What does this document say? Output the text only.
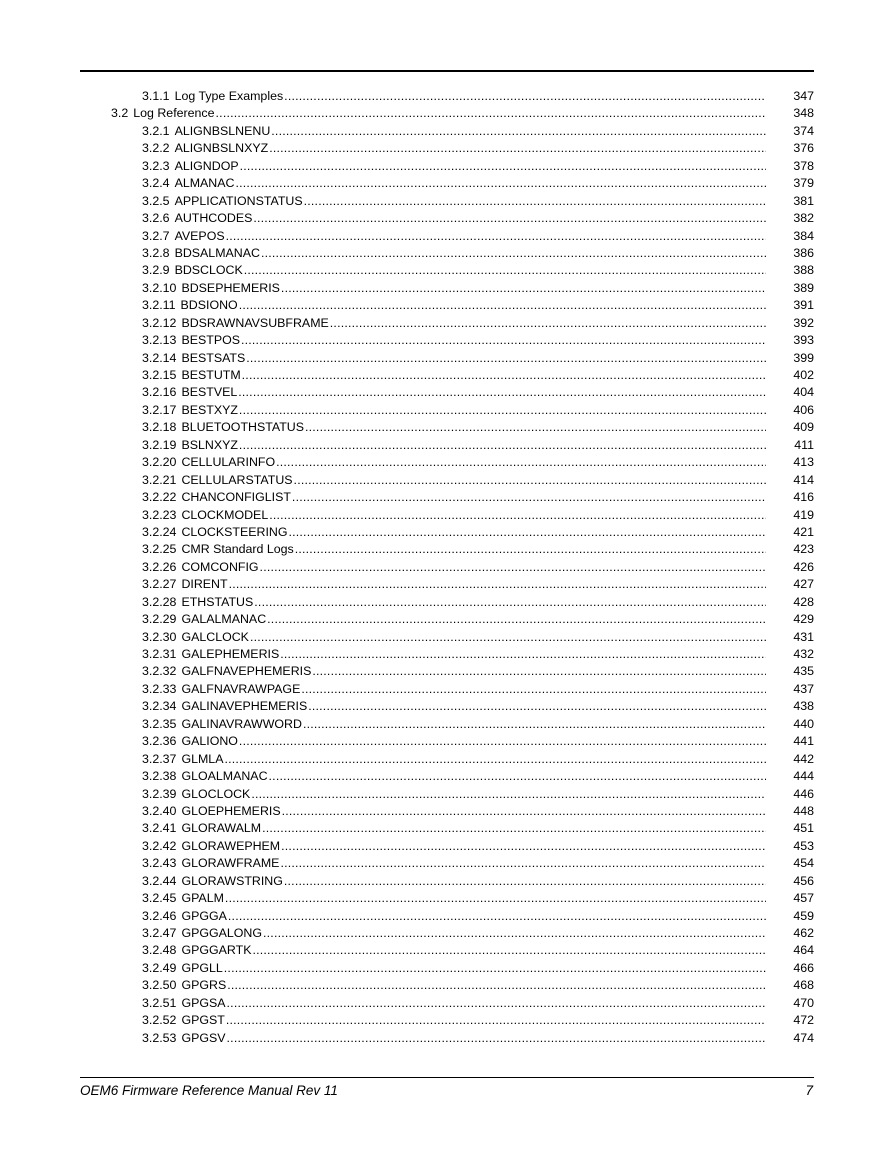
3.1.1 Log Type Examples .....	347
3.2 Log Reference .....	348
3.2.1 ALIGNBSLNENU .....	374
3.2.2 ALIGNBSLNXYZ .....	376
3.2.3 ALIGNDOP .....	378
3.2.4 ALMANAC .....	379
3.2.5 APPLICATIONSTATUS .....	381
3.2.6 AUTHCODES .....	382
3.2.7 AVEPOS .....	384
3.2.8 BDSALMANAC .....	386
3.2.9 BDSCLOCK .....	388
3.2.10 BDSEPHEMERIS .....	389
3.2.11 BDSIONO .....	391
3.2.12 BDSRAWNAVSUBFRAME .....	392
3.2.13 BESTPOS .....	393
3.2.14 BESTSATS .....	399
3.2.15 BESTUTM .....	402
3.2.16 BESTVEL .....	404
3.2.17 BESTXYZ .....	406
3.2.18 BLUETOOTHSTATUS .....	409
3.2.19 BSLNXYZ .....	411
3.2.20 CELLULARINFO .....	413
3.2.21 CELLULARSTATUS .....	414
3.2.22 CHANCONFIGLIST .....	416
3.2.23 CLOCKMODEL .....	419
3.2.24 CLOCKSTEERING .....	421
3.2.25 CMR Standard Logs .....	423
3.2.26 COMCONFIG .....	426
3.2.27 DIRENT .....	427
3.2.28 ETHSTATUS .....	428
3.2.29 GALALMANAC .....	429
3.2.30 GALCLOCK .....	431
3.2.31 GALEPHEMERIS .....	432
3.2.32 GALFNAVEPHEMERIS .....	435
3.2.33 GALFNAVRAWPAGE .....	437
3.2.34 GALINAVEPHEMERIS .....	438
3.2.35 GALINAVRAWWORD .....	440
3.2.36 GALIONO .....	441
3.2.37 GLMLA .....	442
3.2.38 GLOALMANAC .....	444
3.2.39 GLOCLOCK .....	446
3.2.40 GLOEPHEMERIS .....	448
3.2.41 GLORAWALM .....	451
3.2.42 GLORAWEPHEM .....	453
3.2.43 GLORAWFRAME .....	454
3.2.44 GLORAWSTRING .....	456
3.2.45 GPALM .....	457
3.2.46 GPGGA .....	459
3.2.47 GPGGALONG .....	462
3.2.48 GPGGARTK .....	464
3.2.49 GPGLL .....	466
3.2.50 GPGRS .....	468
3.2.51 GPGSA .....	470
3.2.52 GPGST .....	472
3.2.53 GPGSV .....	474
OEM6 Firmware Reference Manual Rev 11	7
